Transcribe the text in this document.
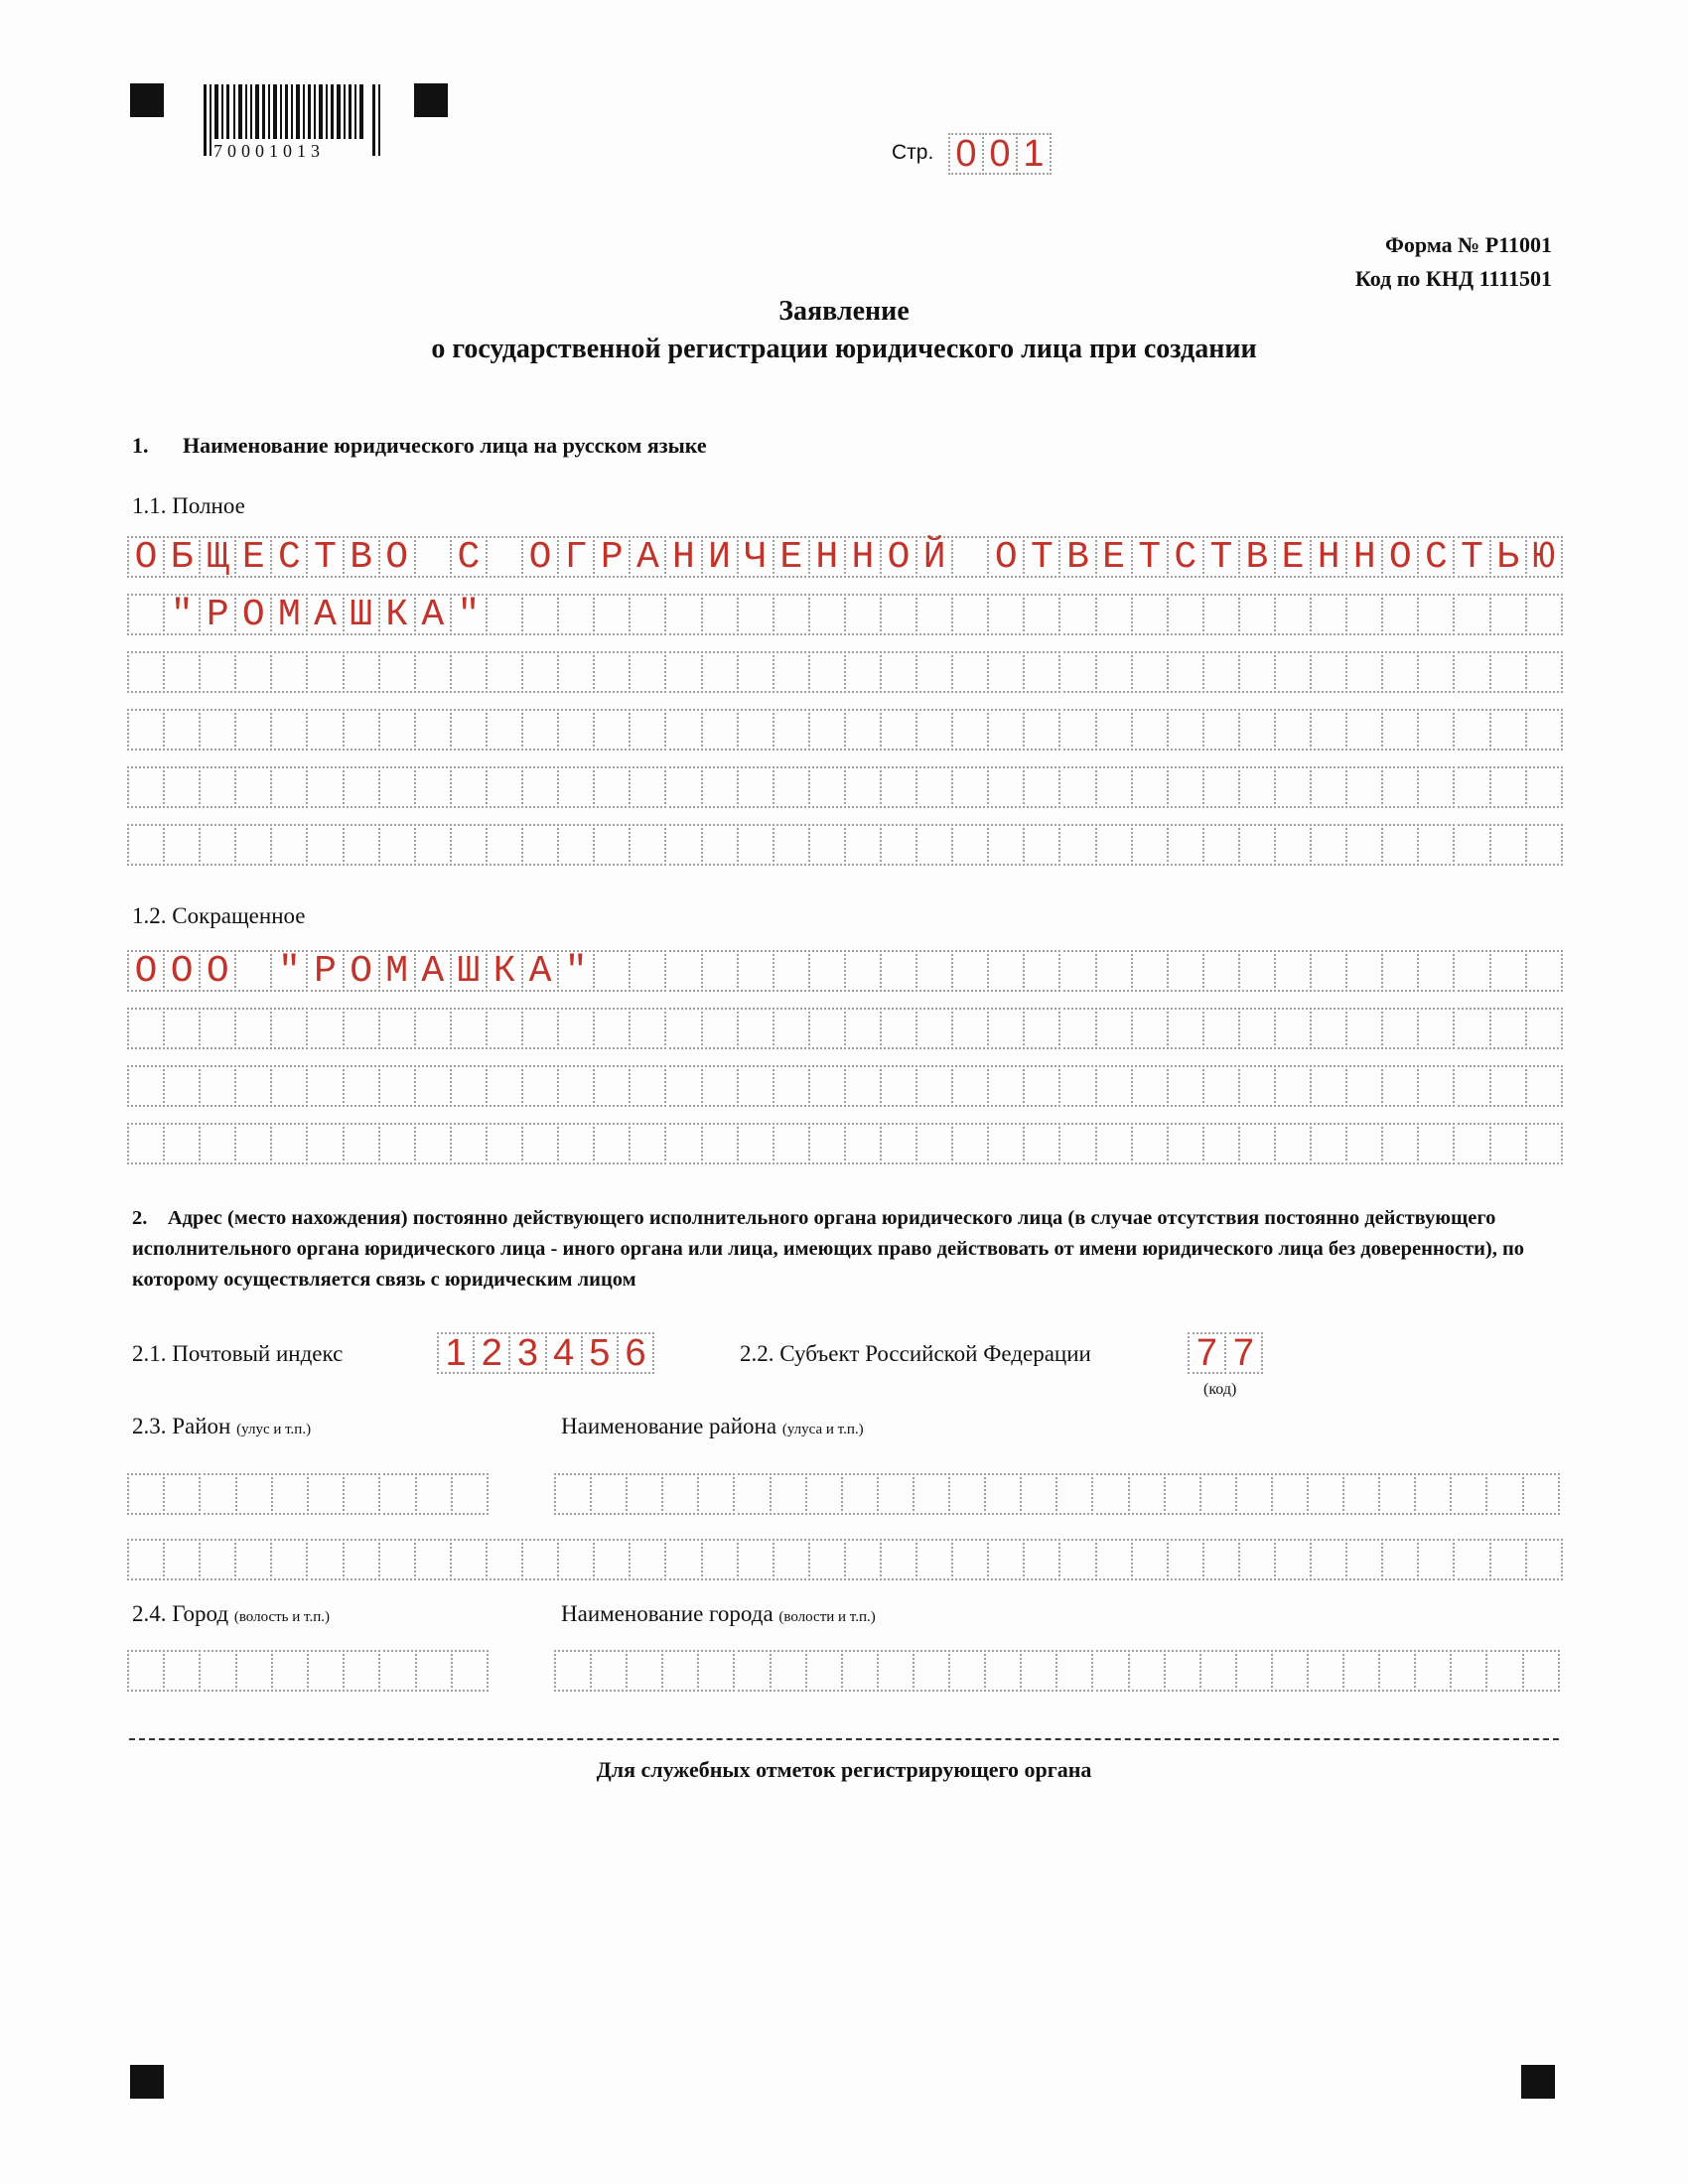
70001013	Стр. 0 0 1
Форма № Р11001
Код по КНД 1111501
Заявление
о государственной регистрации юридического лица при создании
1. Наименование юридического лица на русском языке
1.1. Полное
О Б Щ Е С Т В О С О Г Р А Н И Ч Е Н Н О Й О Т В Е Т С Т В Е Н Н О С Т Ь Ю
" Р О М А Ш К А "
1.2. Сокращенное
О О О " Р О М А Ш К А "
2. Адрес (место нахождения) постоянно действующего исполнительного органа юридического лица (в случае отсутствия постоянно действующего исполнительного органа юридического лица - иного органа или лица, имеющих право действовать от имени юридического лица без доверенности), по которому осуществляется связь с юридическим лицом
2.1. Почтовый индекс	1 2 3 4 5 6	2.2. Субъект Российской Федерации	7 7
(код)
2.3. Район (улус и т.п.)	Наименование района (улуса и т.п.)
2.4. Город (волость и т.п.)	Наименование города (волости и т.п.)
Для служебных отметок регистрирующего органа
